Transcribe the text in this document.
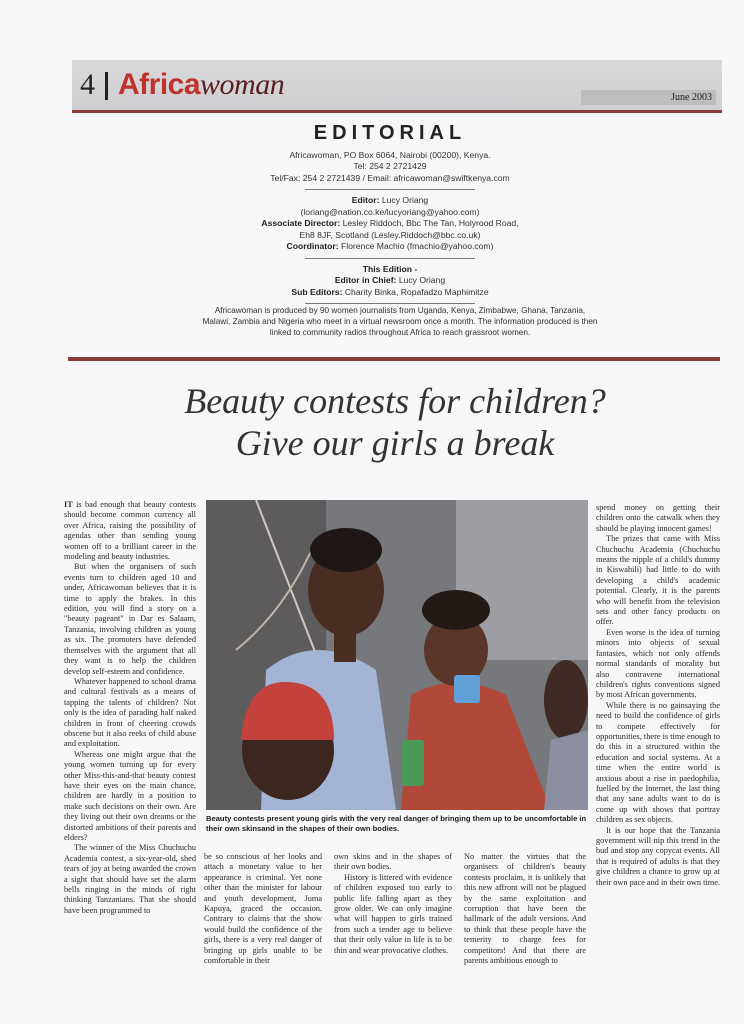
4 Africawoman	June 2003
EDITORIAL
Africawoman, PO Box 6064, Nairobi (00200), Kenya.
Tel: 254 2 2721429
Tel/Fax: 254 2 2721439 / Email: africawoman@swiftkenya.com
Editor: Lucy Oriang
(loriang@nation.co.ke/lucyoriang@yahoo.com)
Associate Director: Lesley Riddoch, Bbc The Tan, Holyrood Road,
Eh8 8JF, Scotland (Lesley.Riddoch@bbc.co.uk)
Coordinator: Florence Machio (fmachio@yahoo.com)
This Edition -
Editor in Chief: Lucy Oriang
Sub Editors: Charity Binka, Ropafadzo Maphimitze
Africawoman is produced by 90 women journalists from Uganda, Kenya, Zimbabwe, Ghana, Tanzania, Malawi, Zambia and Nigeria who meet in a virtual newsroom once a month. The information produced is then linked to community radios throughout Africa to reach grassroot women.
Beauty contests for children?
Give our girls a break

IT is bad enough that beauty contests should become common currency all over Africa, raising the possibility of agendas other than sending young women off to a brilliant career in the modeling and beauty industries.

But when the organisers of such events turn to children aged 10 and under, Africawoman believes that it is time to apply the brakes. In this edition, you will find a story on a "beauty pageant" in Dar es Salaam, Tanzania, involving children as young as six. The promoters have defended themselves with the argument that all they want is to help the children develop self-esteem and confidence.

Whatever happened to school drama and cultural festivals as a means of tapping the talents of children? Not only is the idea of parading half naked children in front of cheering crowds obscene but it also reeks of child abuse and exploitation.

Whereas one might argue that the young women turning up for every other Miss-this-and-that beauty contest have their eyes on the main chance, children are hardly in a position to make such decisions on their own. Are they living out their own dreams or the distorted ambitions of their parents and elders?

The winner of the Miss Chuchuchu Academia contest, a six-year-old, shed tears of joy at being awarded the crown a sight that should have set the alarm bells ringing in the minds of right thinking Tanzanians. That she should have been programmed to

Beauty contests present young girls with the very real danger of bringing them up to be uncomfortable in their own skinsand in the shapes of their own bodies.

be so conscious of her looks and attach a monetary value to her appearance is criminal. Yet none other than the minister for labour and youth development, Juma Kapuya, graced the occasion. Contrary to claims that the show would build the confidence of the girls, there is a very real danger of bringing up girls unable to be comfortable in their

own skins and in the shapes of their own bodies.

History is littered with evidence of children exposed too early to public life falling apart as they grow older. We can only imagine what will happen to girls trained from such a tender age to believe that their only value in life is to be thin and wear provocative clothes.

No matter the virtues that the organisers of children's beauty contests proclaim, it is unlikely that this new affront will not be plagued by the same exploitation and corruption that have been the hallmark of the adult versions. And to think that these people have the temerity to charge fees for competitors! And that there are parents ambitious enough to

spend money on getting their children onto the catwalk when they should be playing innocent games!

The prizes that came with Miss Chuchuchu Academia (Chuchuchu means the nipple of a child's dummy in Kiswahili) had little to do with developing a child's academic potential. Clearly, it is the parents who will benefit from the television sets and other fancy products on offer.

Even worse is the idea of turning minors into objects of sexual fantasies, which not only offends normal standards of morality but also contravene international children's rights conventions signed by most African governments.

While there is no gainsaying the need to build the confidence of girls to compete effectively for opportunities, there is time enough to do this in a structured within the education and social systems. At a time when the entire world is anxious about a rise in paedophilia, fuelled by the Internet, the last thing that any sane adults want to do is come up with shows that portray children as sex objects.

It is our hope that the Tanzania government will nip this trend in the bud and stop any copycat events. All that is required of adults is that they give children a chance to grow up at their own pace and in their own time.
